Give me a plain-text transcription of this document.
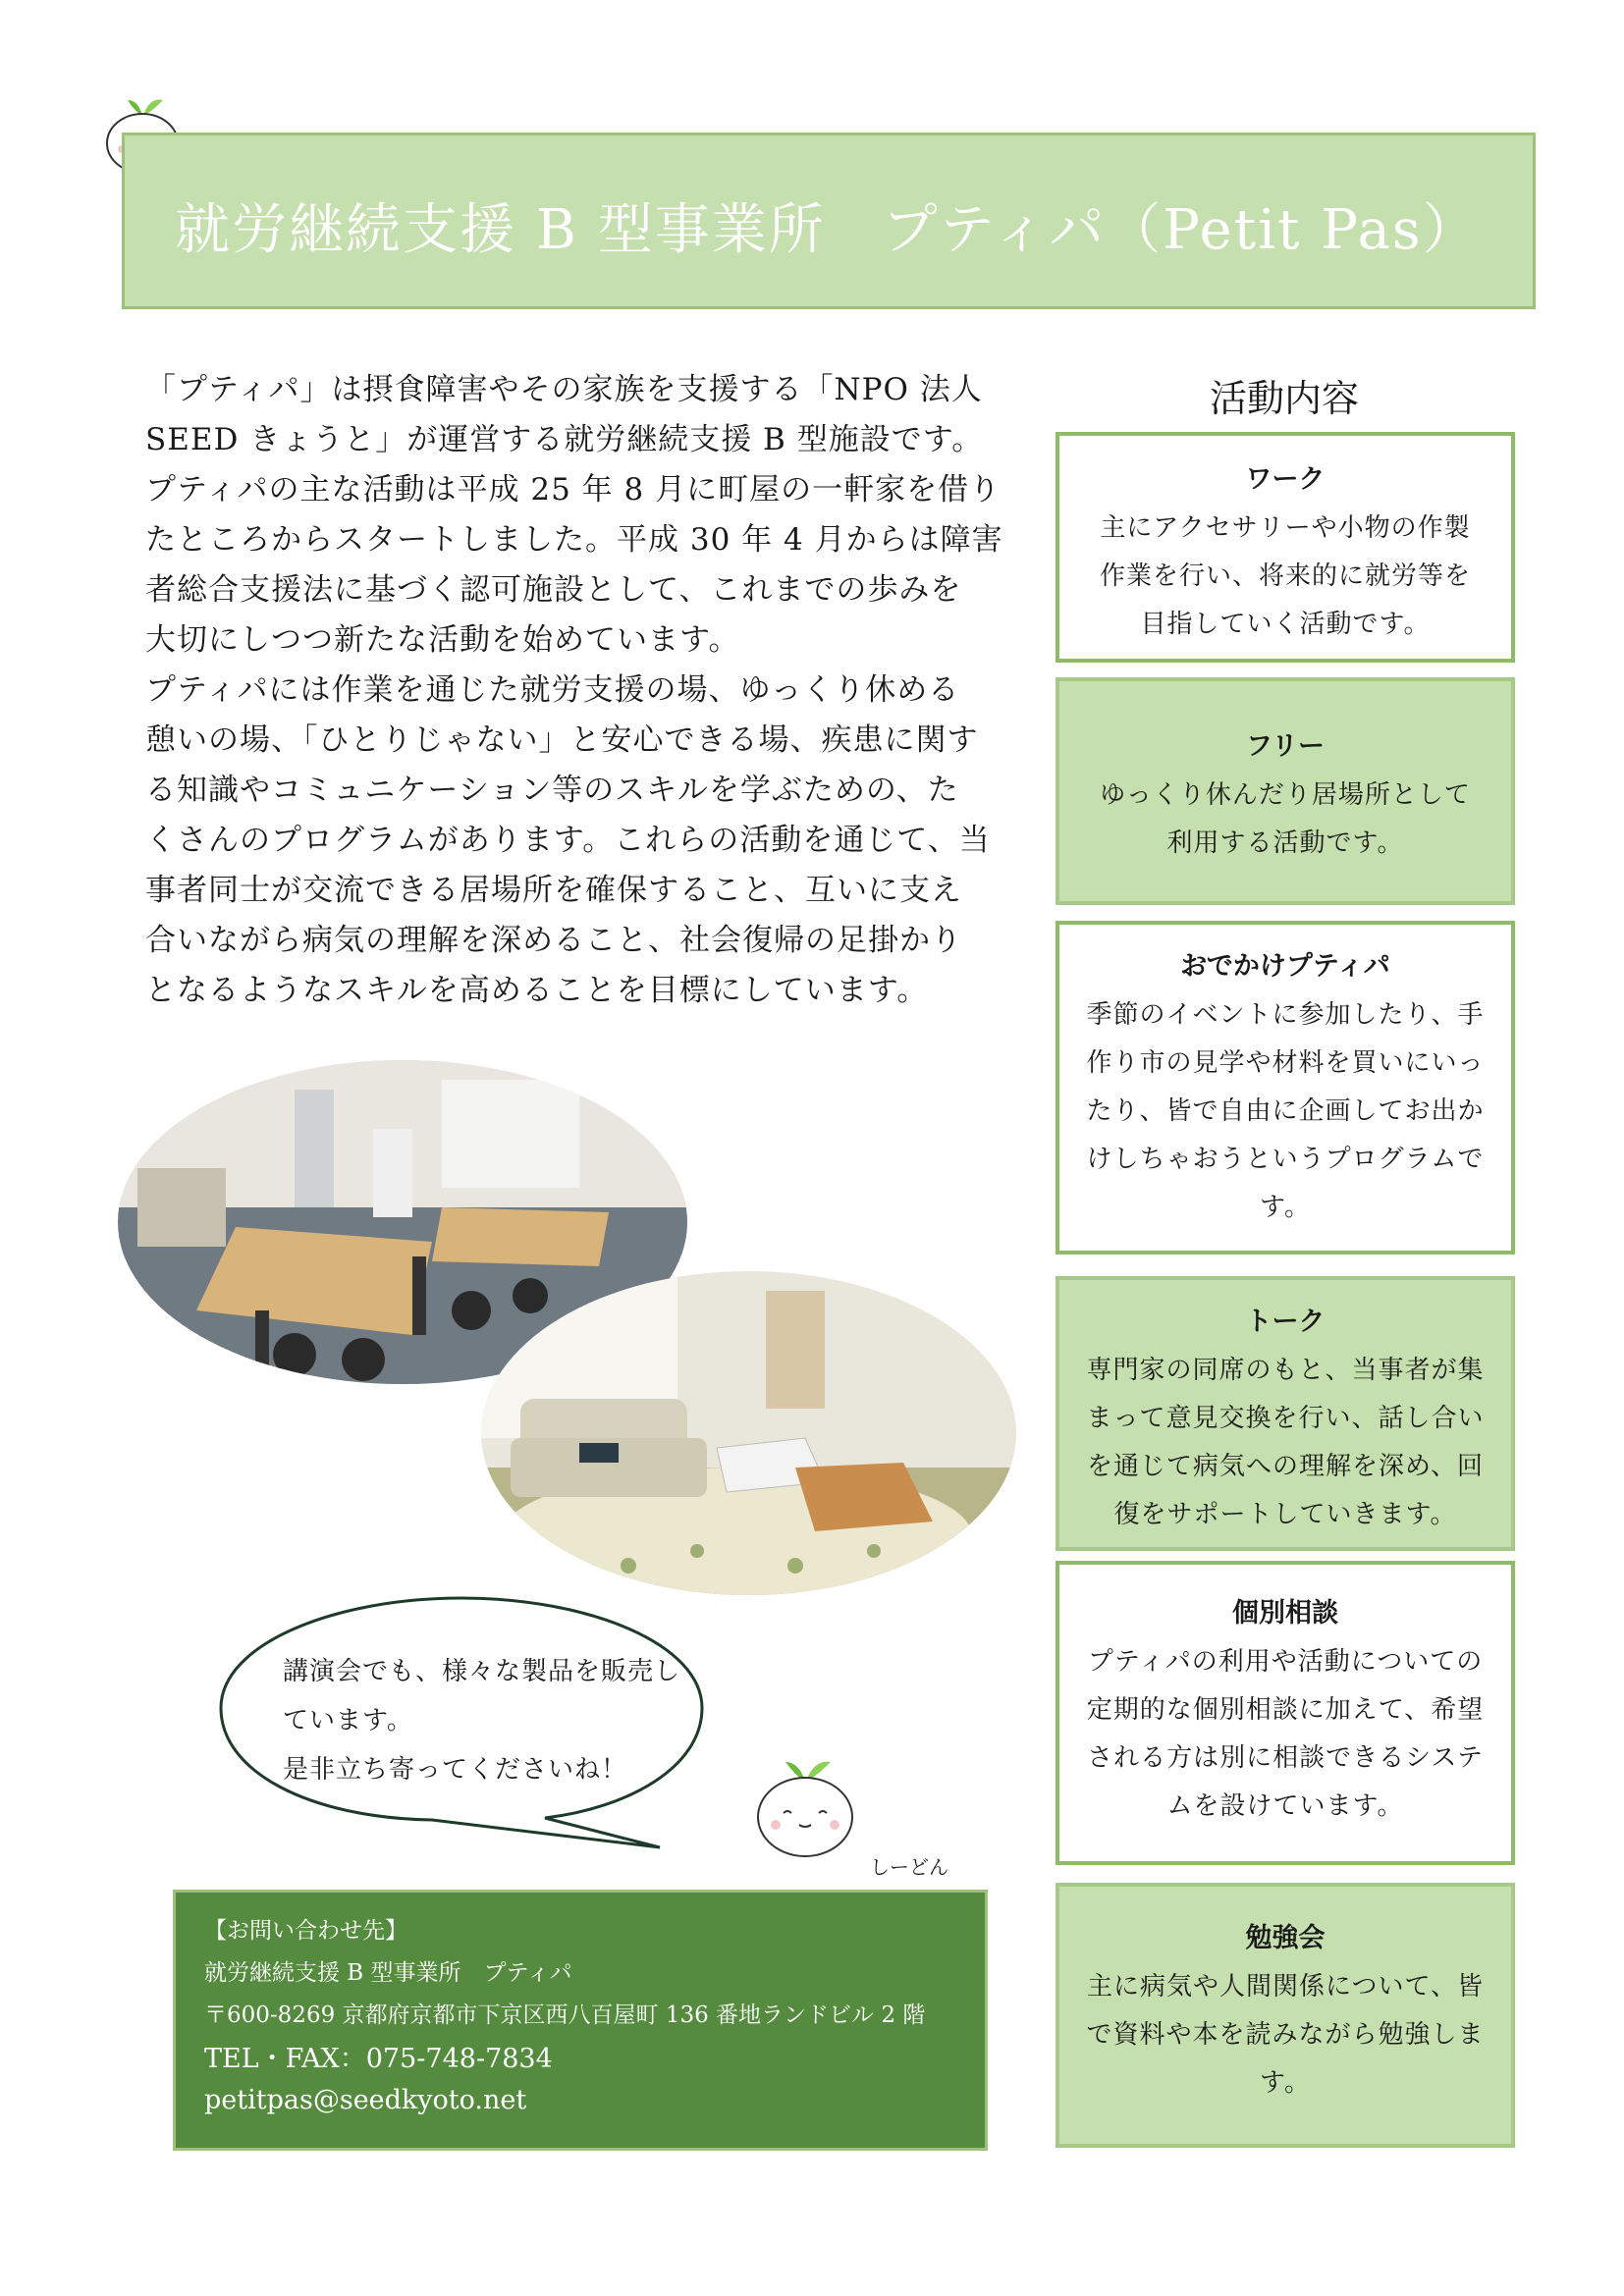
就労継続支援 B 型事業所　プティパ（Petit Pas）
「プティパ」は摂食障害やその家族を支援する「NPO 法人
SEED きょうと」が運営する就労継続支援 B 型施設です。
プティパの主な活動は平成 25 年 8 月に町屋の一軒家を借り
たところからスタートしました。平成 30 年 4 月からは障害
者総合支援法に基づく認可施設として、これまでの歩みを
大切にしつつ新たな活動を始めています。
プティパには作業を通じた就労支援の場、ゆっくり休める
憩いの場、「ひとりじゃない」と安心できる場、疾患に関す
る知識やコミュニケーション等のスキルを学ぶための、た
くさんのプログラムがあります。これらの活動を通じて、当
事者同士が交流できる居場所を確保すること、互いに支え
合いながら病気の理解を深めること、社会復帰の足掛かり
となるようなスキルを高めることを目標にしています。
講演会でも、様々な製品を販売し
ています。
是非立ち寄ってくださいね！
しーどん
【お問い合わせ先】
就労継続支援 B 型事業所　プティパ
〒600-8269 京都府京都市下京区西八百屋町 136 番地ランドビル 2 階
TEL・FAX：075-748-7834
petitpas@seedkyoto.net
活動内容
ワーク
主にアクセサリーや小物の作製
作業を行い、将来的に就労等を
目指していく活動です。
フリー
ゆっくり休んだり居場所として
利用する活動です。
おでかけプティパ
季節のイベントに参加したり、手
作り市の見学や材料を買いにいっ
たり、皆で自由に企画してお出か
けしちゃおうというプログラムで
す。
トーク
専門家の同席のもと、当事者が集
まって意見交換を行い、話し合い
を通じて病気への理解を深め、回
復をサポートしていきます。
個別相談
プティパの利用や活動についての
定期的な個別相談に加えて、希望
される方は別に相談できるシステ
ムを設けています。
勉強会
主に病気や人間関係について、皆
で資料や本を読みながら勉強しま
す。
